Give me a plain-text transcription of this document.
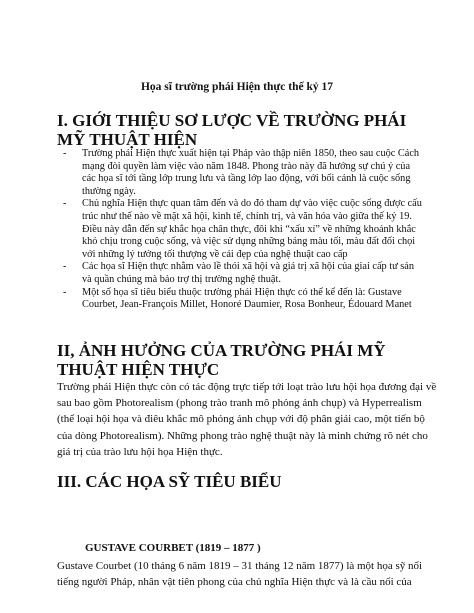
Họa sĩ trường phái Hiện thực thế kỷ 17
I. GIỚI THIỆU SƠ LƯỢC VỀ TRƯỜNG PHÁI MỸ THUẬT HIỆN
- Trường phái Hiện thực xuất hiện tại Pháp vào thập niên 1850, theo sau cuộc Cách mạng đòi quyền làm việc vào năm 1848. Phong trào này đã hướng sự chú ý của các họa sĩ tới tầng lớp trung lưu và tầng lớp lao động, với bối cảnh là cuộc sống thường ngày.
- Chủ nghĩa Hiện thực quan tâm đến và do đó tham dự vào việc cuộc sống được cấu trúc như thế nào về mặt xã hội, kinh tế, chính trị, và văn hóa vào giữa thế kỷ 19. Điều này dẫn đến sự khắc họa chân thực, đôi khi “xấu xí” về những khoảnh khắc khó chịu trong cuộc sống, và việc sử dụng những bảng màu tối, màu đất đối chọi với những lý tưởng tối thượng về cái đẹp của nghệ thuật cao cấp
- Các họa sĩ Hiện thực nhằm vào lề thói xã hội và giá trị xã hội của giai cấp tư sản và quần chúng mà bảo trợ thị trường nghệ thuật.
- Một số họa sĩ tiêu biểu thuộc trường phái Hiện thực có thể kể đến là: Gustave Courbet, Jean-François Millet, Honoré Daumier, Rosa Bonheur, Édouard Manet
II, ẢNH HƯỞNG CỦA TRƯỜNG PHÁI MỸ THUẬT HIỆN THỰC

Trường phái Hiện thực còn có tác động trực tiếp tới loạt trào lưu hội họa đương đại về sau bao gồm Photorealism (phong trào tranh mô phỏng ảnh chụp) và Hyperrealism (thể loại hội họa và điêu khắc mô phỏng ảnh chụp với độ phân giải cao, một tiến bộ của dòng Photorealism). Những phong trào nghệ thuật này là minh chứng rõ nét cho giá trị của trào lưu hội họa Hiện thực.

III. CÁC HỌA SỸ TIÊU BIỂU

GUSTAVE COURBET (1819 – 1877 )

Gustave Courbet (10 tháng 6 năm 1819 – 31 tháng 12 năm 1877) là một họa sỹ nổi tiếng người Pháp, nhân vật tiên phong của chủ nghĩa Hiện thực và là cầu nối của
